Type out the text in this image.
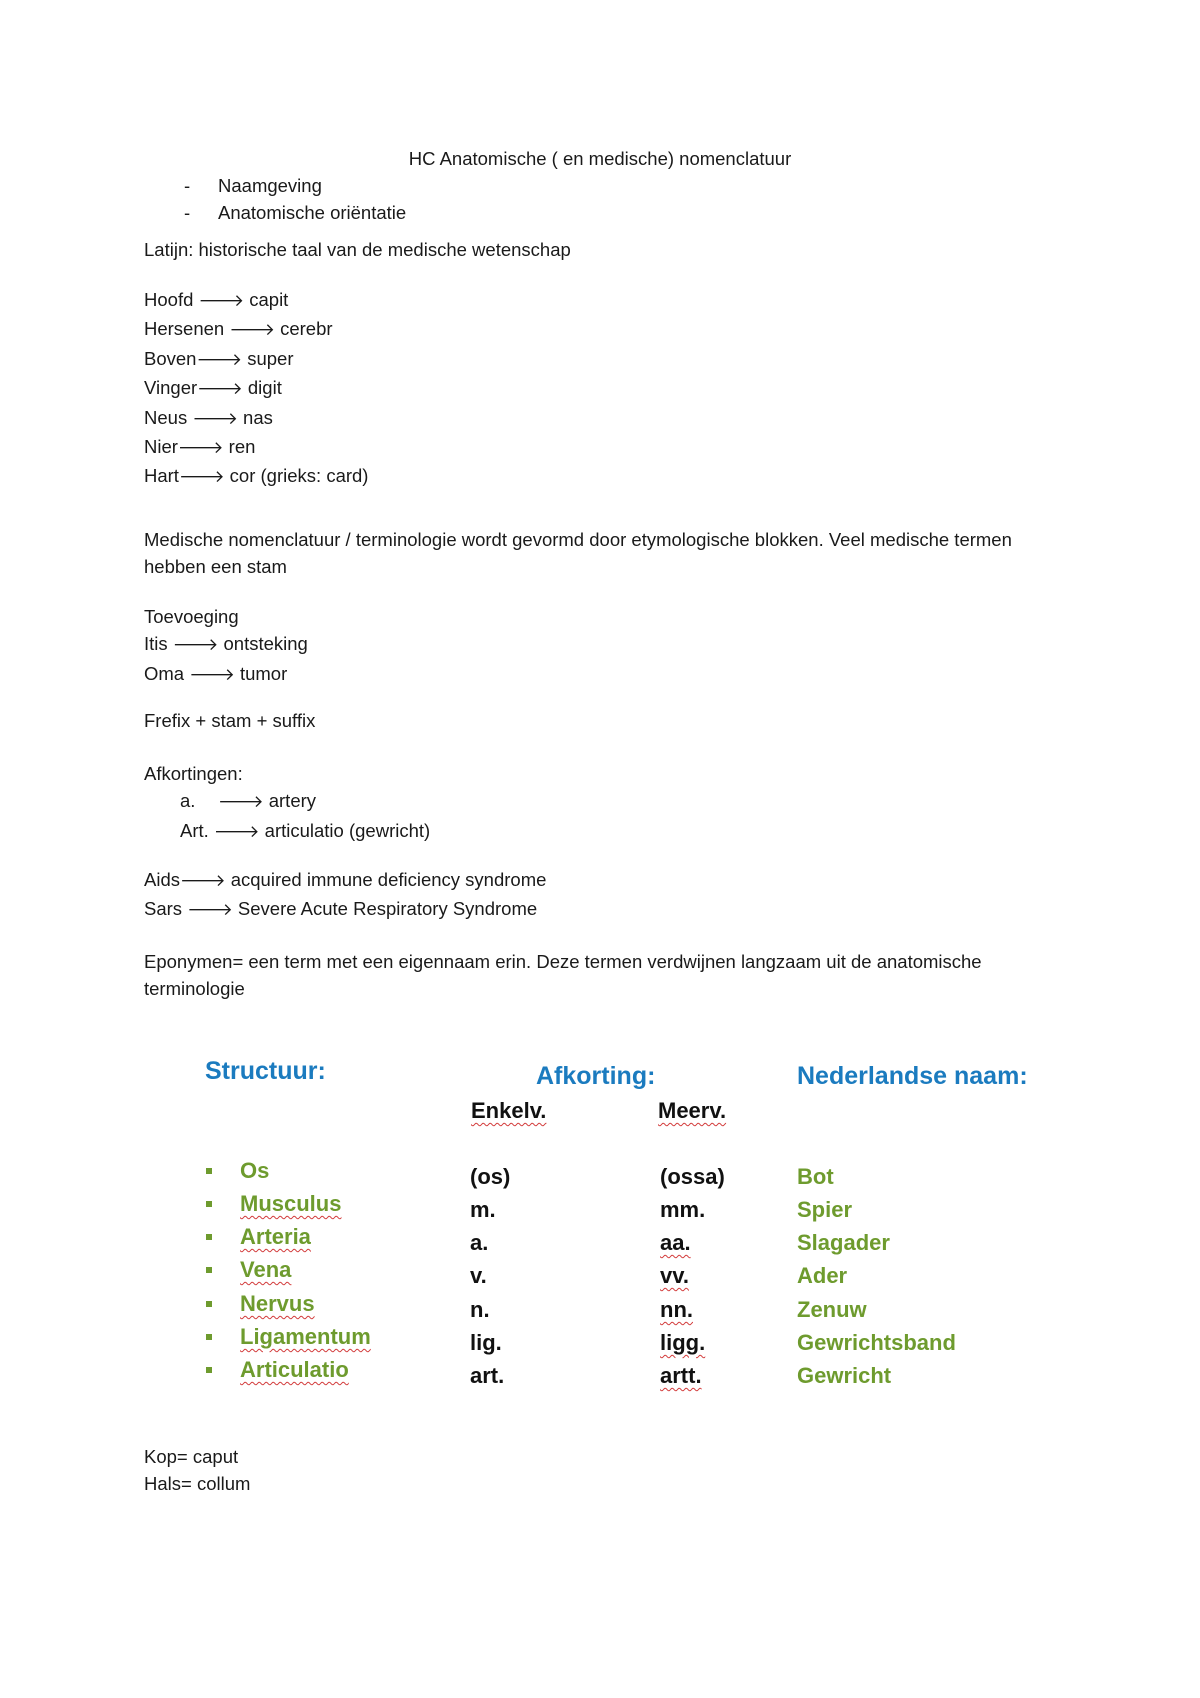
HC Anatomische ( en medische) nomenclatuur
- Naamgeving
- Anatomische oriëntatie
Latijn: historische taal van de medische wetenschap
Hoofd 🡒 capit
Hersenen 🡒 cerebr
Boven🡒 super
Vinger🡒 digit
Neus 🡒 nas
Nier🡒 ren
Hart🡒 cor (grieks: card)
Medische nomenclatuur / terminologie wordt gevormd door etymologische blokken. Veel medische termen hebben een stam
Toevoeging
Itis 🡒 ontsteking
Oma 🡒 tumor
Frefix + stam + suffix
Afkortingen:
a. 🡒 artery
Art. 🡒 articulatio (gewricht)
Aids🡒 acquired immune deficiency syndrome
Sars 🡒 Severe Acute Respiratory Syndrome
Eponymen= een term met een eigennaam erin. Deze termen verdwijnen langzaam uit de anatomische terminologie
Structuur:	Afkorting:	Nederlandse naam:
Enkelv.	Meerv.
Os	(os)	(ossa)	Bot
Musculus	m.	mm.	Spier
Arteria	a.	aa.	Slagader
Vena	v.	vv.	Ader
Nervus	n.	nn.	Zenuw
Ligamentum	lig.	ligg.	Gewrichtsband
Articulatio	art.	artt.	Gewricht
Kop= caput
Hals= collum
